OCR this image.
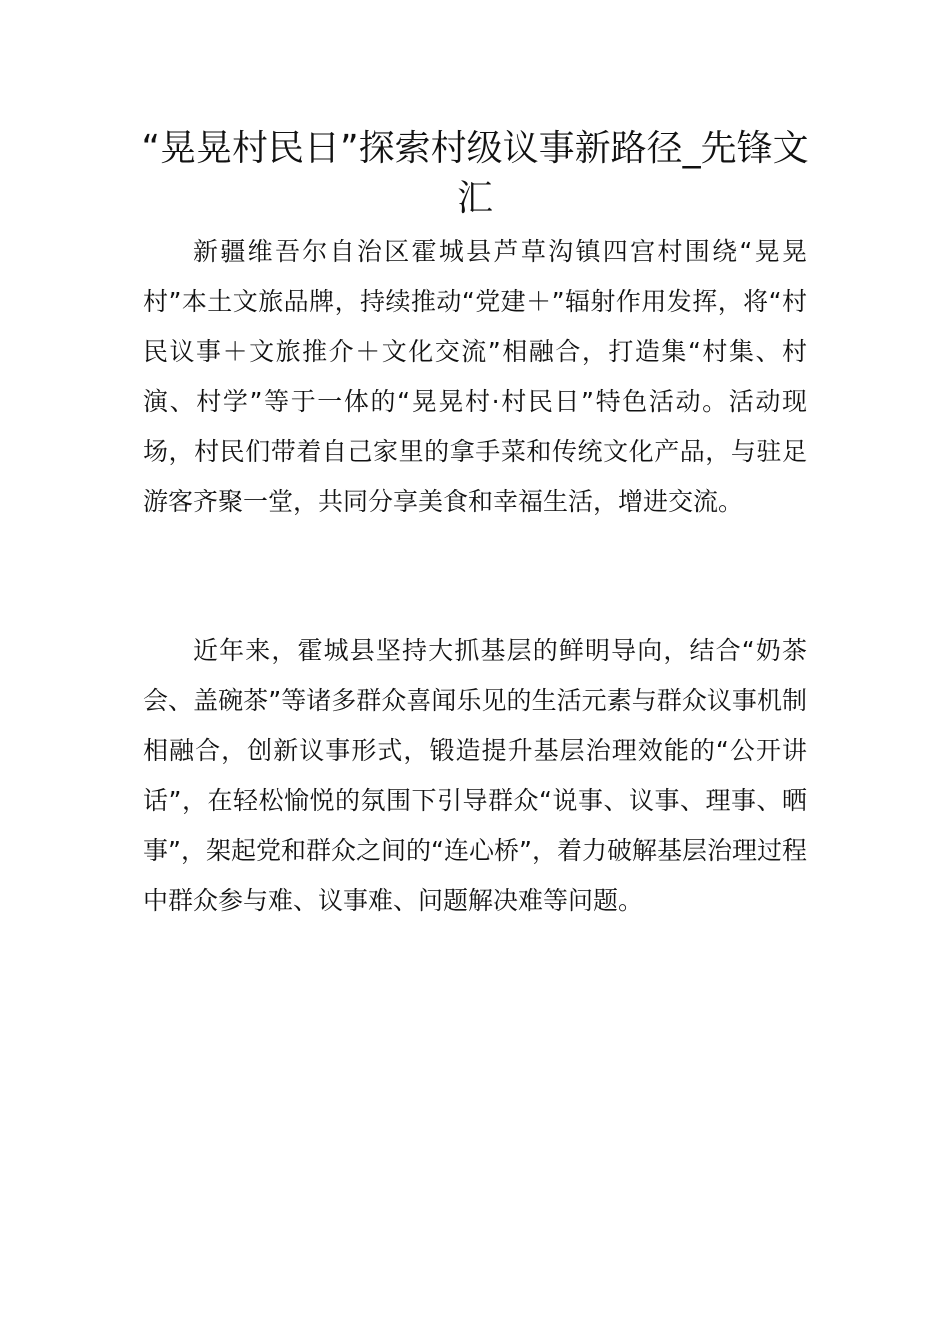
“晃晃村民日”探索村级议事新路径_先锋文汇

新疆维吾尔自治区霍城县芦草沟镇四宫村围绕“晃晃村”本土文旅品牌，持续推动“党建＋”辐射作用发挥，将“村民议事＋文旅推介＋文化交流”相融合，打造集“村集、村演、村学”等于一体的“晃晃村·村民日”特色活动。活动现场，村民们带着自己家里的拿手菜和传统文化产品，与驻足游客齐聚一堂，共同分享美食和幸福生活，增进交流。

近年来，霍城县坚持大抓基层的鲜明导向，结合“奶茶会、盖碗茶”等诸多群众喜闻乐见的生活元素与群众议事机制相融合，创新议事形式，锻造提升基层治理效能的“公开讲话”，在轻松愉悦的氛围下引导群众“说事、议事、理事、晒事”，架起党和群众之间的“连心桥”，着力破解基层治理过程中群众参与难、议事难、问题解决难等问题。
